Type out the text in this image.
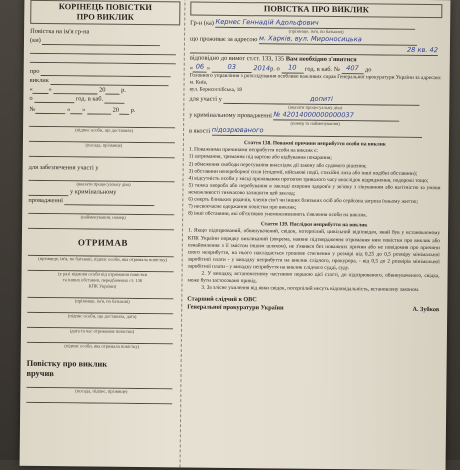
КОРІНЕЦЬ ПОВІСТКИ
ПРО ВИКЛИК
Повістка на ім'я гр-на
(ки)
про
виклик
« »	20 р.
о	год. в каб.
№	« »	20 р.
(підпис особи, що доставила)
(посада, прізвище)
для забезпечення участі у
(вказати процесуальну дію)
у кримінальному
провадженні
(найменування, номер)
ОТРИМАВ
(прізвище, ім'я, по батькові, підпис особи, яка отримала повістку)
(у разі відмови особи від отримання повістки
та інших обставин, передбачених ст. 136
КПК України)
(прізвище, ім'я, по батькові)
(підпис особи, що доставила, дата)
(дата та час отримання повістки)
(підпис особи, яка отримала повістку)
Повістку про виклик
вручив
(посада, підпис, прізвище)
ПОВІСТКА ПРО ВИКЛИК
Гр-н (ка) Кернес Геннадій Адольфович
(прізвище, ім'я, по батькові)
що проживає за адресою м. Харків, вул. Мироносицька
28 кв. 42
відповідно до вимог ст.ст. 133, 135 Вам необхідно з'явитися
« 06 » 03	2014р. о 10 год. в каб. № 407 до
Головного управління з розслідування особливо важливих справ Генеральної прокуратури України за адресою: м. Київ,
вул. Борисоглібська, 18
для участі у	допиті
(вказати процесуальну дію)
у кримінальному провадженні № 42014000000000037
(номер та найменування)
в якості підозрюваного
Стаття 138. Поважні причини неприбуття особи на виклик
1. Поважними причинами неприбуття особи на виклик є:
1) затримання, тримання під вартою або відбування покарання;
2) обмеження свободи пересування внаслідок дії закону або судового рішення;
3) обставини непереборної сили (епідемії, військові події, стихійні лиха або інші подібні обставини);
4) відсутність особи у місці проживання протягом тривалого часу внаслідок відрядження, подорожі тощо;
5) тяжка хвороба або перебування в закладі охорони здоров'я у зв'язку з лікуванням або вагітністю за умови неможливості тимчасово залишити цей заклад;
6) смерть близьких родичів, членів сім'ї чи інших близьких осіб або серйозна загроза їхньому життю;
7) несвоєчасне одержання повістки про виклик;
8) інші обставини, які об'єктивно унеможливлюють з'явлення особи на виклик.
Стаття 139. Наслідки неприбуття на виклик
1. Якщо підозрюваний, обвинувачений, свідок, потерпілий, цивільний відповідач, який був у встановленому КПК України порядку викликаний (зокрема, наявне підтвердження отримання ним повістки про виклик або ознайомлення з її змістом іншим шляхом), не з'явився без поважних причин або не повідомив про причини свого неприбуття, на нього накладається грошове стягнення у розмірі від 0,25 до 0,5 розміру мінімальної заробітної плати - у випадку неприбуття на виклик слідчого, прокурора, - від 0,5 до 2 розмірів мінімальної заробітної плати - у випадку неприбуття на виклик слідчого судді, суду.
2. У випадку, встановленому частиною першою цієї статті, до підозрюваного, обвинуваченого, свідка, може бути застосовано привід.
3. За злісне ухилення від явки свідок, потерпілий несуть відповідальність, встановлену законом.
Старший слідчий в ОВС
Генеральної прокуратури України	А. Зубков
